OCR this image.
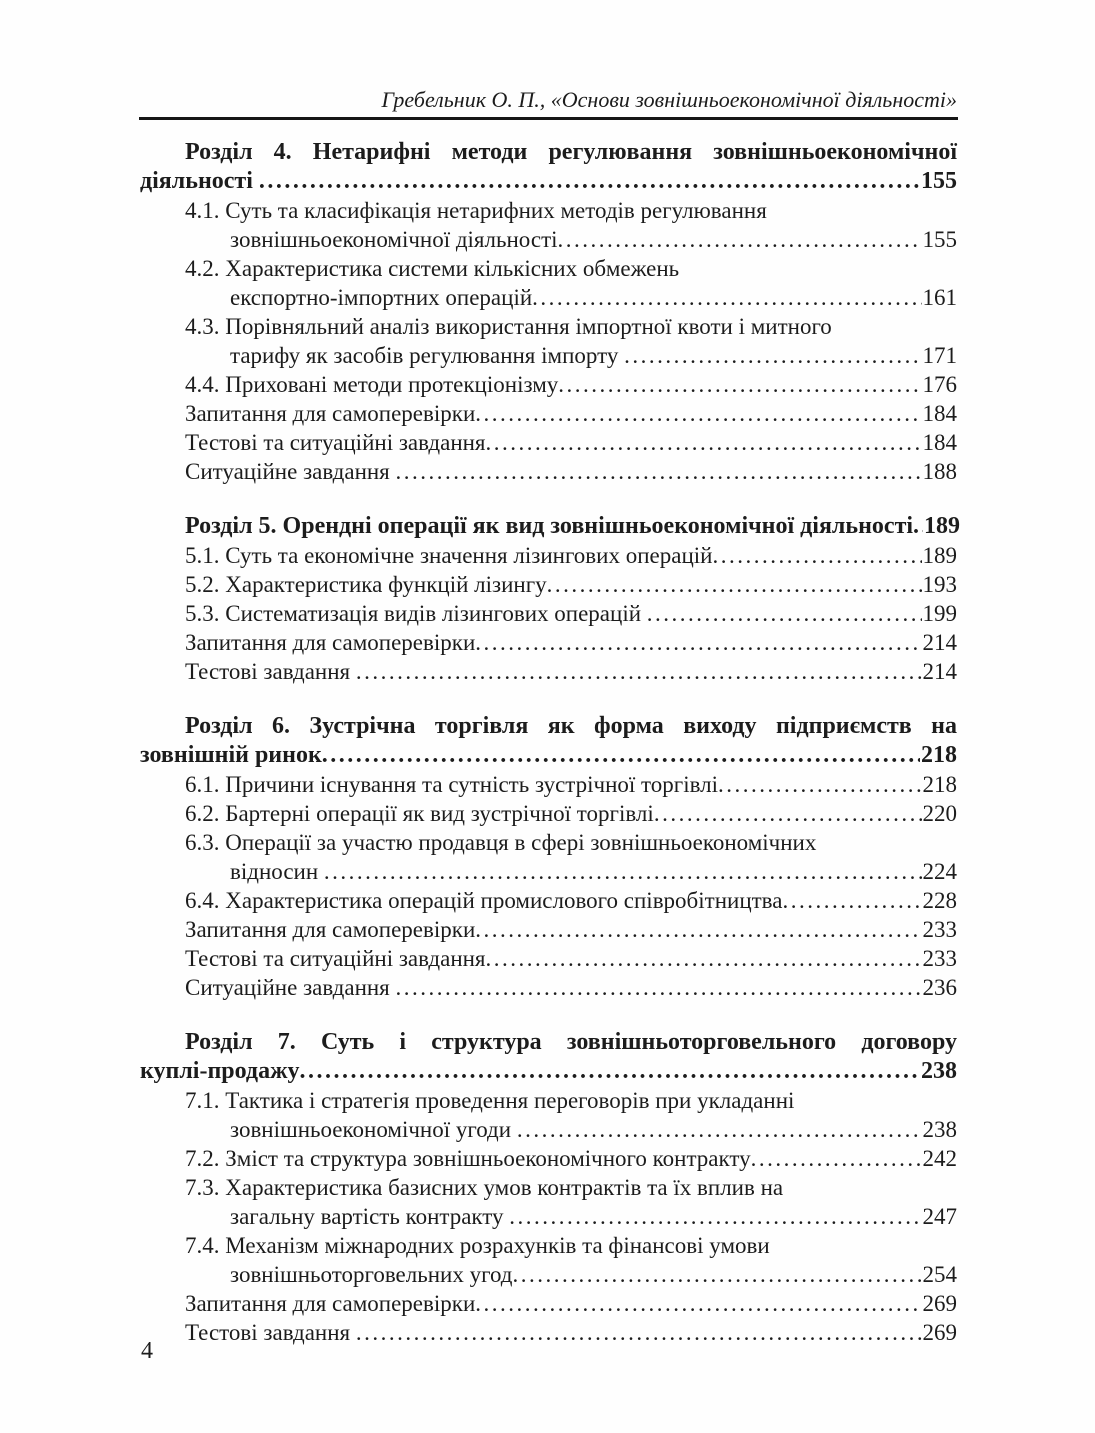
Гребельник О. П., «Основи зовнішньоекономічної діяльності»
Розділ 4. Нетарифні методи регулювання зовнішньоекономічної
діяльності .....	155
4.1. Суть та класифікація нетарифних методів регулювання
зовнішньоекономічної діяльності .....	155
4.2. Характеристика системи кількісних обмежень
експортно-імпортних операцій .....	161
4.3. Порівняльний аналіз використання імпортної квоти і митного
тарифу як засобів регулювання імпорту .....	171
4.4. Приховані методи протекціонізму .....	176
Запитання для самоперевірки .....	184
Тестові та ситуаційні завдання .....	184
Ситуаційне завдання .....	188
Розділ 5. Орендні операції як вид зовнішньоекономічної діяльності ..... 189
5.1. Суть та економічне значення лізингових операцій .....	189
5.2. Характеристика функцій лізингу .....	193
5.3. Систематизація видів лізингових операцій .....	199
Запитання для самоперевірки .....	214
Тестові завдання .....	214
Розділ 6. Зустрічна торгівля як форма виходу підприємств на
зовнішній ринок .....	218
6.1. Причини існування та сутність зустрічної торгівлі .....	218
6.2. Бартерні операції як вид зустрічної торгівлі .....	220
6.3. Операції за участю продавця в сфері зовнішньоекономічних
відносин .....	224
6.4. Характеристика операцій промислового співробітництва .....	228
Запитання для самоперевірки .....	233
Тестові та ситуаційні завдання .....	233
Ситуаційне завдання .....	236
Розділ 7. Суть і структура зовнішньоторговельного договору
куплі-продажу .....	238
7.1. Тактика і стратегія проведення переговорів при укладанні
зовнішньоекономічної угоди .....	238
7.2. Зміст та структура зовнішньоекономічного контракту .....	242
7.3. Характеристика базисних умов контрактів та їх вплив на
загальну вартість контракту .....	247
7.4. Механізм міжнародних розрахунків та фінансові умови
зовнішньоторговельних угод .....	254
Запитання для самоперевірки .....	269
Тестові завдання .....	269
4
